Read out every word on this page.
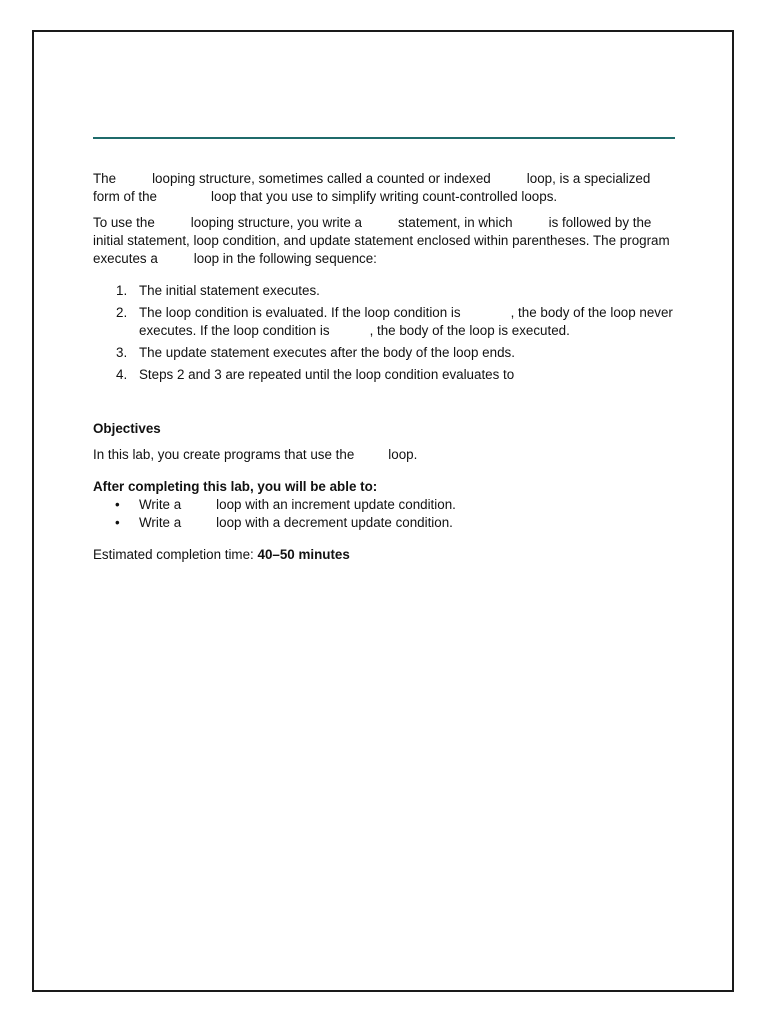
The	looping structure, sometimes called a counted or indexed	loop, is a specialized form of the	loop that you use to simplify writing count-controlled loops.

To use the	looping structure, you write a	statement, in which	is followed by the initial statement, loop condition, and update statement enclosed within parentheses. The program executes a	loop in the following sequence:

1. The initial statement executes.
2. The loop condition is evaluated. If the loop condition is	, the body of the loop never executes. If the loop condition is	, the body of the loop is executed.
3. The update statement executes after the body of the loop ends.
4. Steps 2 and 3 are repeated until the loop condition evaluates to

Objectives

In this lab, you create programs that use the	loop.

After completing this lab, you will be able to:

• Write a	loop with an increment update condition.
• Write a	loop with a decrement update condition.

Estimated completion time: 40–50 minutes
